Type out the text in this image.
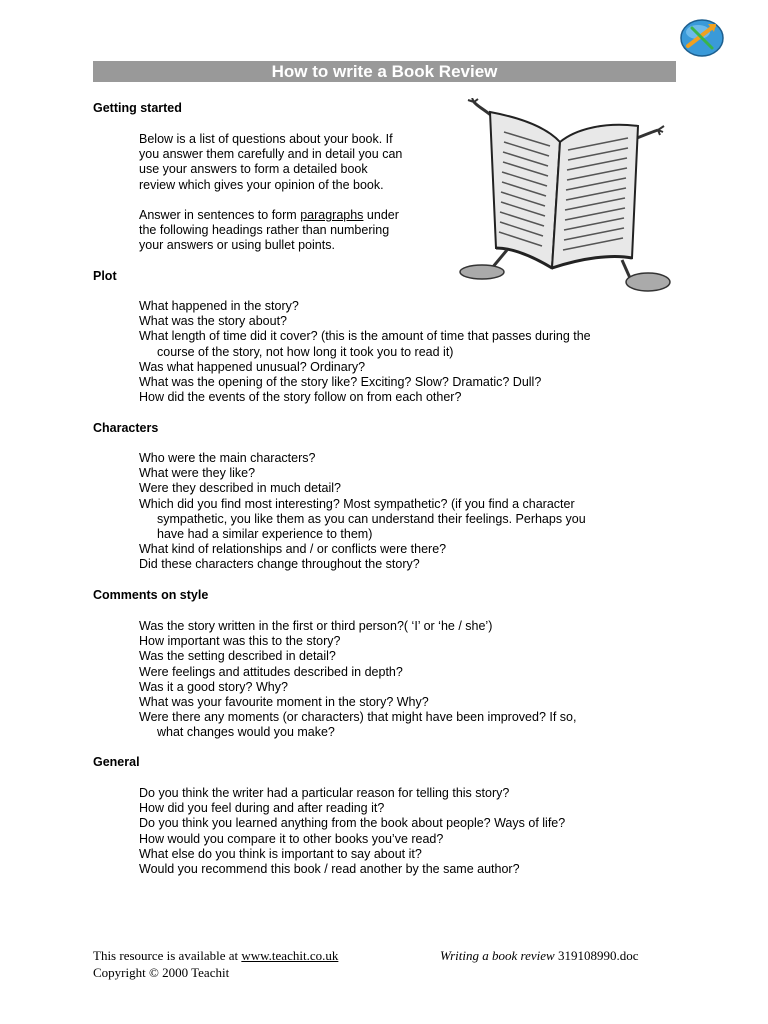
How to write a Book Review
Getting started
Below is a list of questions about your book. If
you answer them carefully and in detail you can
use your answers to form a detailed book
review which gives your opinion of the book.
Answer in sentences to form paragraphs under
the following headings rather than numbering
your answers or using bullet points.
Plot
What happened in the story?
What was the story about?
What length of time did it cover? (this is the amount of time that passes during the
course of the story, not how long it took you to read it)
Was what happened unusual? Ordinary?
What was the opening of the story like? Exciting? Slow? Dramatic? Dull?
How did the events of the story follow on from each other?
Characters
Who were the main characters?
What were they like?
Were they described in much detail?
Which did you find most interesting? Most sympathetic? (if you find a character
sympathetic, you like them as you can understand their feelings. Perhaps you
have had a similar experience to them)
What kind of relationships and / or conflicts were there?
Did these characters change throughout the story?
Comments on style
Was the story written in the first or third person?( ‘I’ or ‘he / she’)
How important was this to the story?
Was the setting described in detail?
Were feelings and attitudes described in depth?
Was it a good story? Why?
What was your favourite moment in the story? Why?
Were there any moments (or characters) that might have been improved? If so,
what changes would you make?
General
Do you think the writer had a particular reason for telling this story?
How did you feel during and after reading it?
Do you think you learned anything from the book about people? Ways of life?
How would you compare it to other books you’ve read?
What else do you think is important to say about it?
Would you recommend this book / read another by the same author?
This resource is available at www.teachit.co.uk
Copyright © 2000 Teachit
Writing a book review 319108990.doc
